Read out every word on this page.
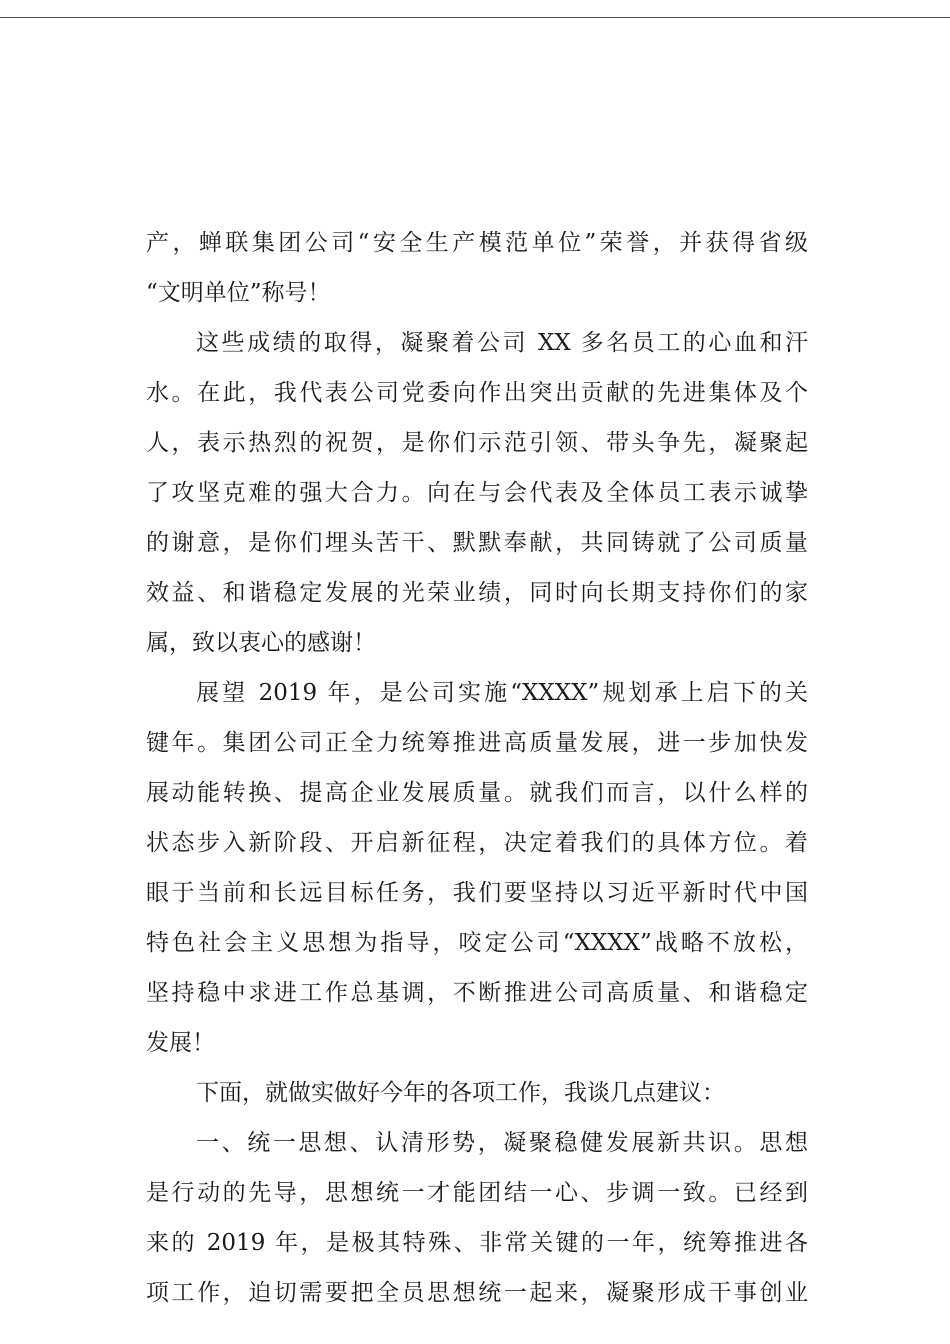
产，蝉联集团公司“安全生产模范单位”荣誉，并获得省级
“文明单位”称号！
这些成绩的取得，凝聚着公司 XX 多名员工的心血和汗
水。在此，我代表公司党委向作出突出贡献的先进集体及个
人，表示热烈的祝贺，是你们示范引领、带头争先，凝聚起
了攻坚克难的强大合力。向在与会代表及全体员工表示诚挚
的谢意，是你们埋头苦干、默默奉献，共同铸就了公司质量
效益、和谐稳定发展的光荣业绩，同时向长期支持你们的家
属，致以衷心的感谢！
展望 2019 年，是公司实施“XXXX”规划承上启下的关
键年。集团公司正全力统筹推进高质量发展，进一步加快发
展动能转换、提高企业发展质量。就我们而言，以什么样的
状态步入新阶段、开启新征程，决定着我们的具体方位。着
眼于当前和长远目标任务，我们要坚持以习近平新时代中国
特色社会主义思想为指导，咬定公司“XXXX”战略不放松，
坚持稳中求进工作总基调，不断推进公司高质量、和谐稳定
发展！
下面，就做实做好今年的各项工作，我谈几点建议：
一、统一思想、认清形势，凝聚稳健发展新共识。思想
是行动的先导，思想统一才能团结一心、步调一致。已经到
来的 2019 年，是极其特殊、非常关键的一年，统筹推进各
项工作，迫切需要把全员思想统一起来，凝聚形成干事创业
